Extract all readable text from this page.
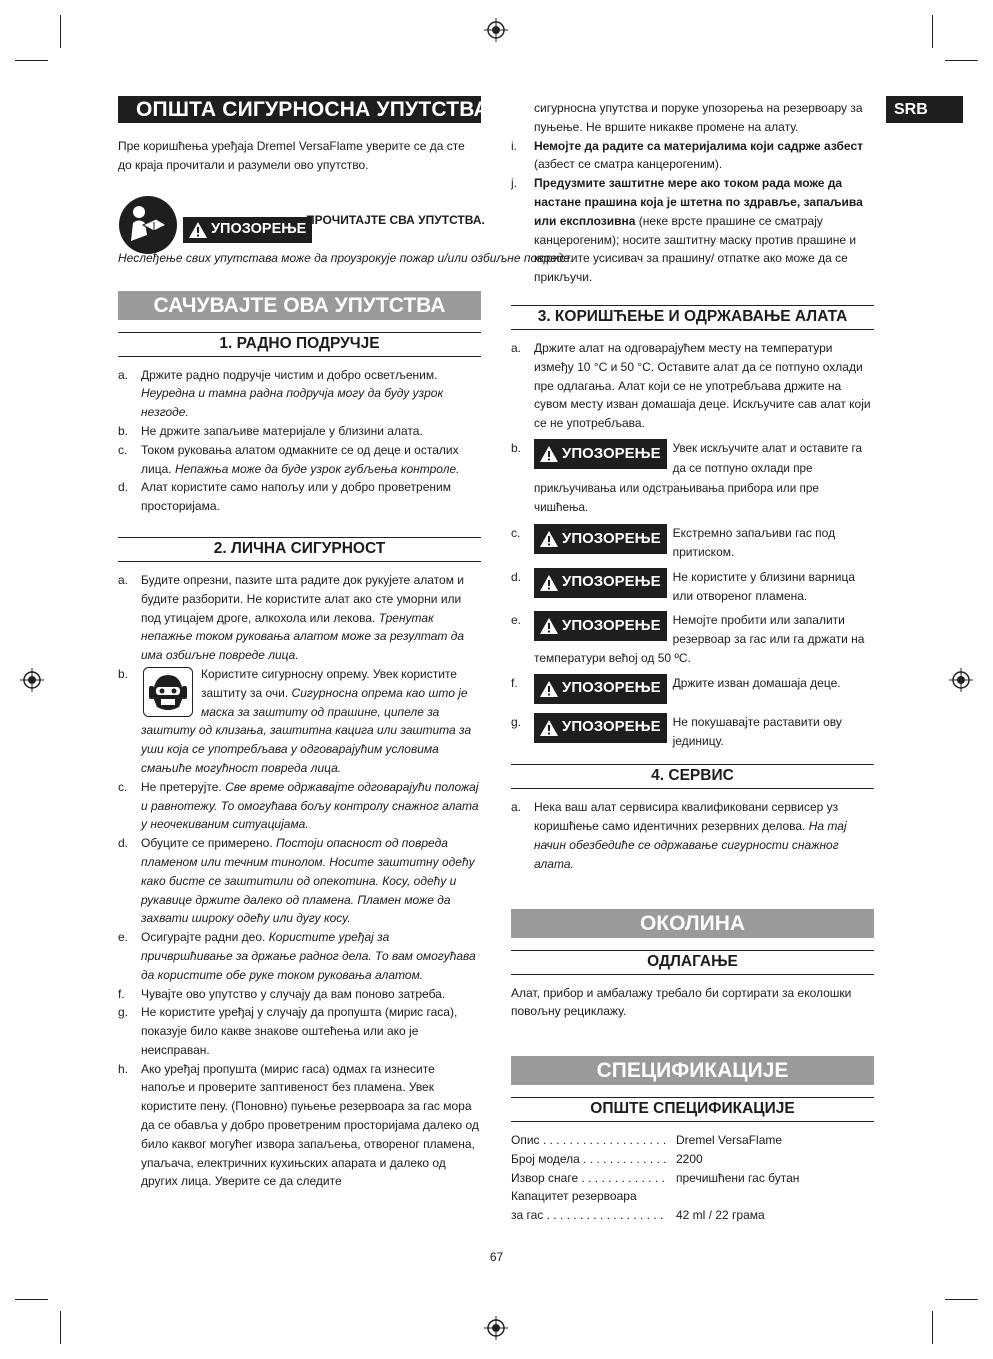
SRB
ОПШТА СИГУРНОСНА УПУТСТВА

Пре коришћења уређаја Dremel VersaFlame уверите се да сте до краја прочитали и разумели ово упутство.

УПОЗОРЕЊЕ
ПРОЧИТАЈТЕ СВА УПУТСТВА.
Неслеђење свих упутстава може да проузрокује пожар и/или озбиљне повреде.
САЧУВАЈТЕ ОВА УПУТСТВА
1. РАДНО ПОДРУЧЈЕ
a. Држите радно подручје чистим и добро осветљеним. Неуредна и тамна радна подручја могу да буду узрок незгоде.
b. Не држите запаљиве материјале у близини алата.
c. Током руковања алатом одмакните се од деце и осталих лица. Непажња може да буде узрок губљења контроле.
d. Алат користите само напољу или у добро проветреним просторијама.
2. ЛИЧНА СИГУРНОСТ
a. Будите опрезни, пазите шта радите док рукујете алатом и будите разборити. Не користите алат ако сте уморни или под утицајем дроге, алкохола или лекова. Тренутак непажње током руковања алатом може за резултат да има озбиљне повреде лица.
b.	Користите сигурносну опрему. Увек користите заштиту за очи. Сигурносна опрема као што је маска за заштиту од прашине, ципеле за заштиту од клизања, заштитна кацига или заштита за уши која се употребљава у одговарајућим условима смањиће могућност повреда лица.
c. Не претерујте. Све време одржавајте одговарајући положај и равнотежу. То омогућава бољу контролу снажног алата у неочекиваним ситуацијама.
d. Обуците се примерено. Постоји опасност од повреда пламеном или течним тинолом. Носите заштитну одећу како бисте се заштитили од опекотина. Косу, одећу и рукавице држите далеко од пламена. Пламен може да захвати широку одећу или дугу косу.
e. Осигурајте радни део. Користите уређај за причвршћивање за држање радног дела. То вам омогућава да користите обе руке током руковања алатом.
f. Чувајте ово упутство у случају да вам поново затреба.
g. Не користите уређај у случају да пропушта (мирис гаса), показује било какве знакове оштећења или ако је неисправан.
h. Ако уређај пропушта (мирис гаса) одмах га изнесите напоље и проверите заптивеност без пламена. Увек користите пену. (Поновно) пуњење резервоара за гас мора да се обавља у добро проветреним просторијама далеко од било каквог могућег извора запаљења, отвореног пламена, упаљача, електричних кухињских апарата и далеко од других лица. Уверите се да следите
сигурносна упутства и поруке упозорења на резервоару за пуњење. Не вршите никакве промене на алату.
i. Немојте да радите са материјалима који садрже азбест (азбест се сматра канцерогеним).
j. Предузмите заштитне мере ако током рада може да настане прашина која је штетна по здравље, запаљива или експлозивна (неке врсте прашине се сматрају канцерогеним); носите заштитну маску против прашине и користите усисивач за прашину/ отпатке ако може да се прикључи.
3. КОРИШЋЕЊЕ И ОДРЖАВАЊЕ АЛАТА
a. Држите алат на одговарајућем месту на температури између 10 °C и 50 °C. Оставите алат да се потпуно охлади пре одлагања. Алат који се не употребљава држите на сувом месту изван домашаја деце. Искључите сав алат који се не употребљава.
b.	УПОЗОРЕЊЕ Увек искључите алат и оставите га да се потпуно охлади пре прикључивања или одстрањивања прибора или пре чишћења.
c.	УПОЗОРЕЊЕ Екстремно запаљиви гас под притиском.
d.	УПОЗОРЕЊЕ Не користите у близини варница или отвореног пламена.
e.	УПОЗОРЕЊЕ Немојте пробити или запалити резервоар за гас или га држати на температури већој од 50 ºC.
f.	УПОЗОРЕЊЕ Држите изван домашаја деце.
g.	УПОЗОРЕЊЕ Не покушавајте раставити ову јединицу.
4. СЕРВИС
a. Нека ваш алат сервисира квалификовани сервисер уз коришћење само идентичних резервних делова. На тај начин обезбедиће се одржавање сигурности снажног алата.
ОКОЛИНА
ОДЛАГАЊЕ

Алат, прибор и амбалажу требало би сортирати за еколошки повољну рециклажу.

СПЕЦИФИКАЦИЈЕ
ОПШТЕ СПЕЦИФИКАЦИЈЕ
Опис . . . . . . . . . . . . . . . . . . . Dremel VersaFlame
Број модела . . . . . . . . . . . . . 2200
Извор снаге . . . . . . . . . . . . . пречишћени гас бутан
Капацитет резервоара
за гас . . . . . . . . . . . . . . . . . .	42 ml / 22 грама
67
